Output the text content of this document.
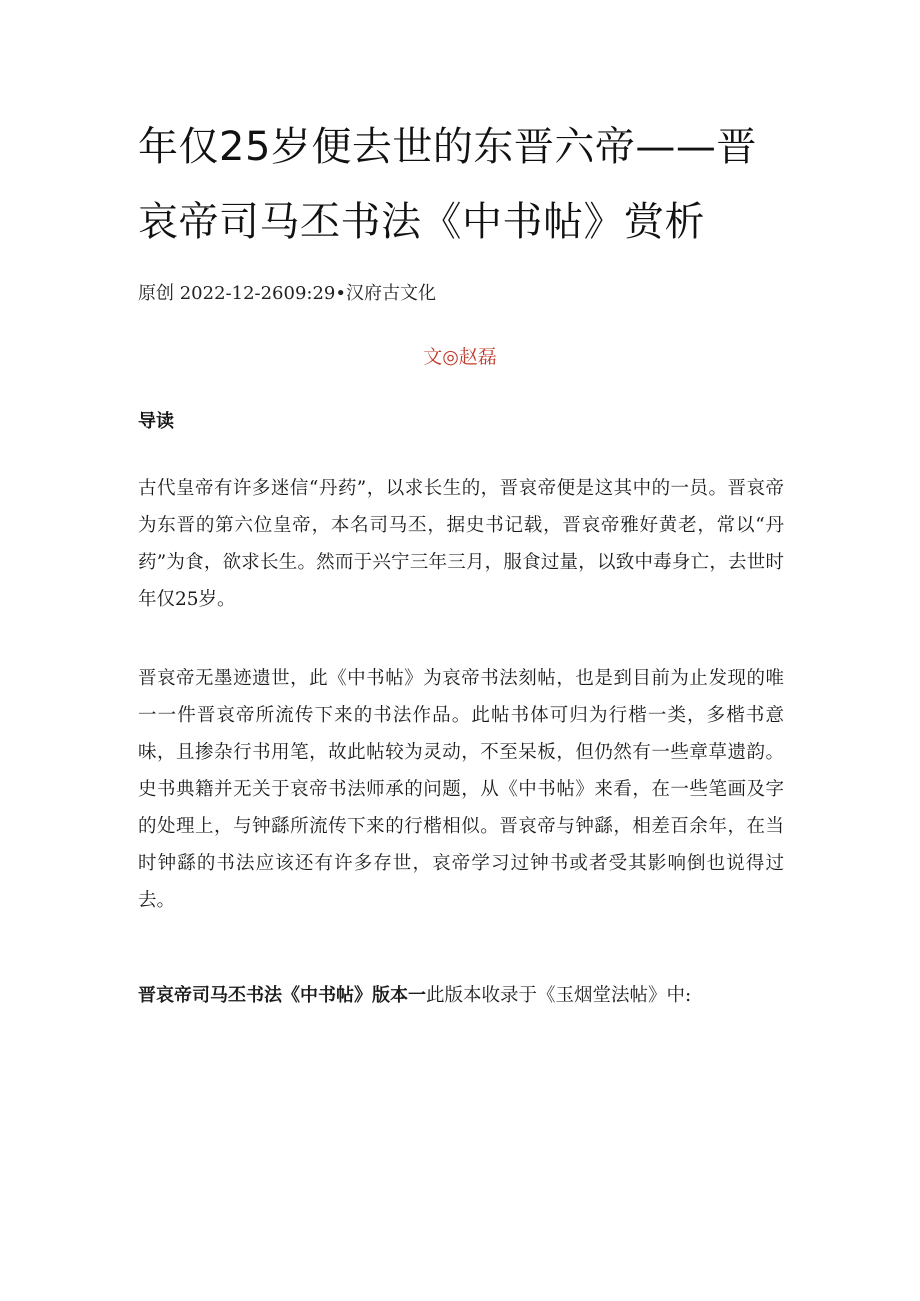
年仅25岁便去世的东晋六帝——晋哀帝司马丕书法《中书帖》赏析
原创 2022-12-2609:29•汉府古文化
文◎赵磊
导读

古代皇帝有许多迷信“丹药”，以求长生的，晋哀帝便是这其中的一员。晋哀帝为东晋的第六位皇帝，本名司马丕，据史书记载，晋哀帝雅好黄老，常以“丹药”为食，欲求长生。然而于兴宁三年三月，服食过量，以致中毒身亡，去世时年仅25岁。

晋哀帝无墨迹遗世，此《中书帖》为哀帝书法刻帖，也是到目前为止发现的唯一一件晋哀帝所流传下来的书法作品。此帖书体可归为行楷一类，多楷书意味，且掺杂行书用笔，故此帖较为灵动，不至呆板，但仍然有一些章草遗韵。史书典籍并无关于哀帝书法师承的问题，从《中书帖》来看，在一些笔画及字的处理上，与钟繇所流传下来的行楷相似。晋哀帝与钟繇，相差百余年，在当时钟繇的书法应该还有许多存世，哀帝学习过钟书或者受其影响倒也说得过去。

晋哀帝司马丕书法《中书帖》版本一此版本收录于《玉烟堂法帖》中:
